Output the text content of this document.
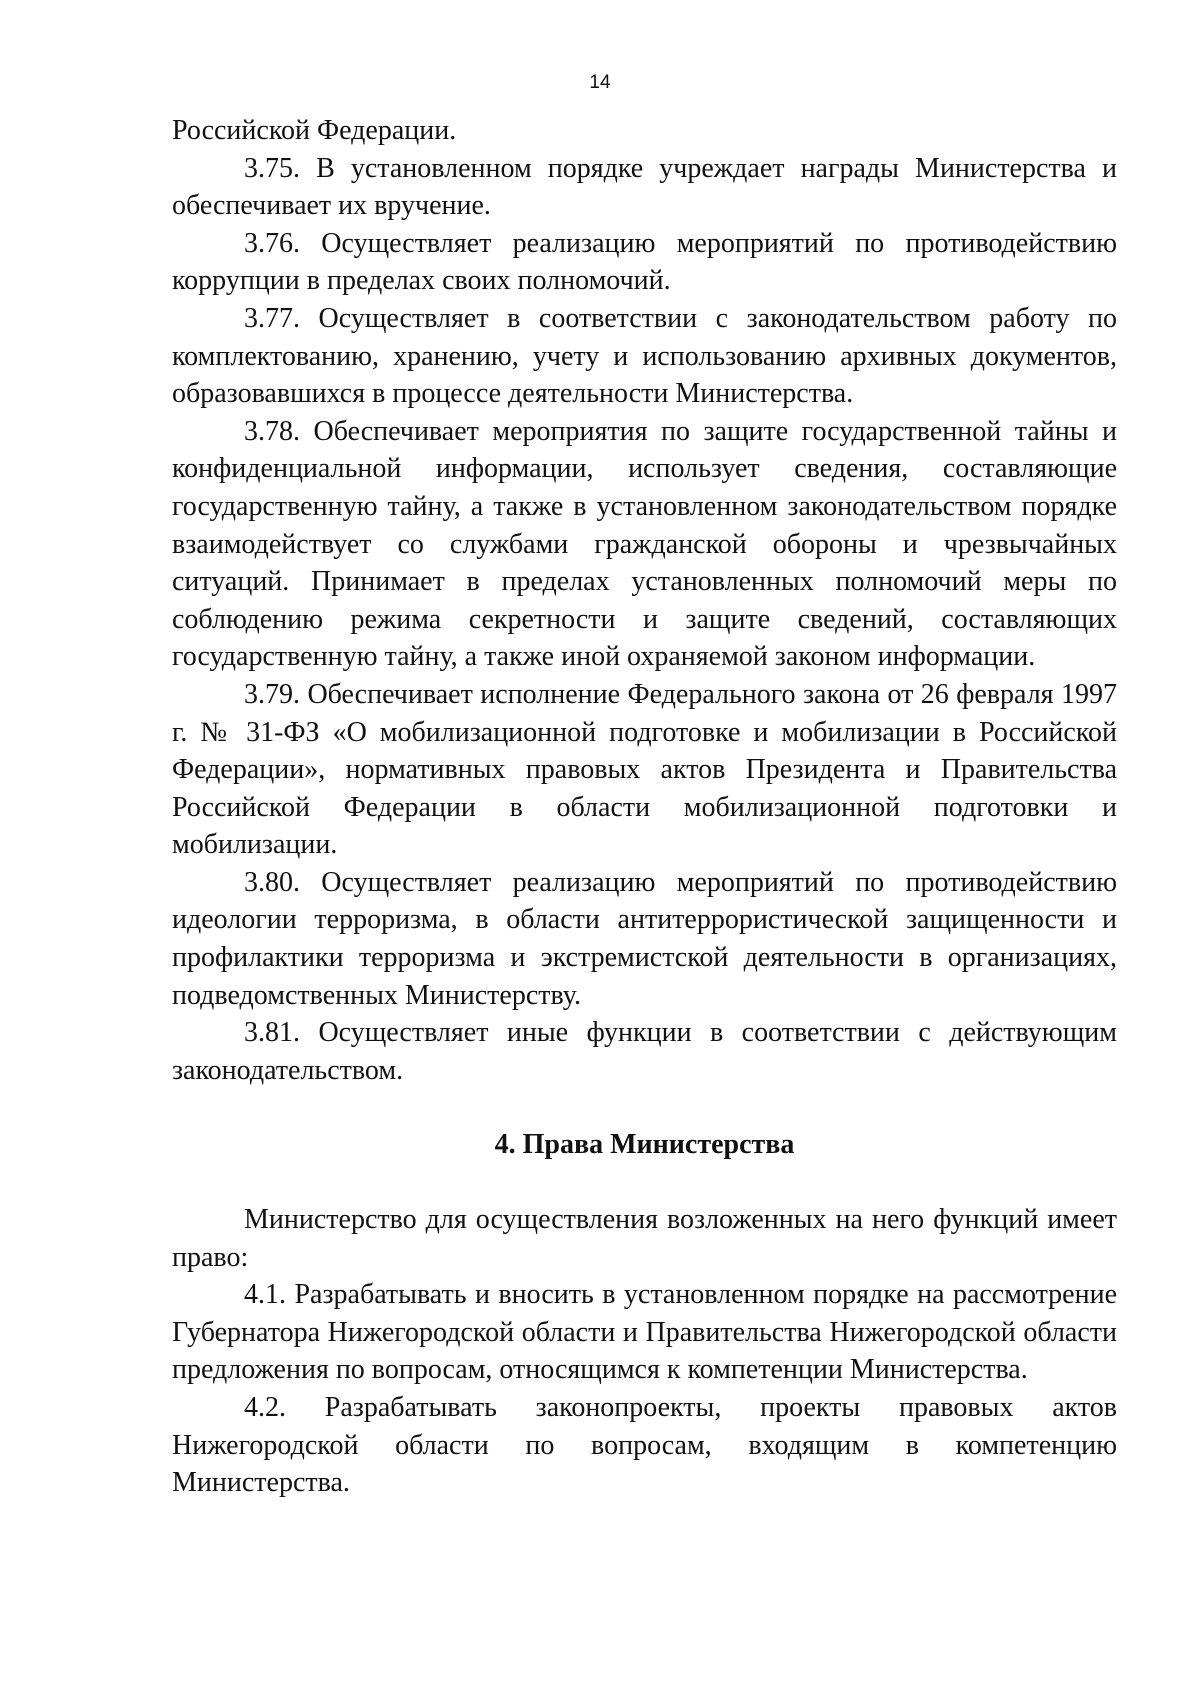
14

Российской Федерации.

3.75. В установленном порядке учреждает награды Министерства и обеспечивает их вручение.

3.76. Осуществляет реализацию мероприятий по противодействию коррупции в пределах своих полномочий.

3.77. Осуществляет в соответствии с законодательством работу по комплектованию, хранению, учету и использованию архивных документов, образовавшихся в процессе деятельности Министерства.

3.78. Обеспечивает мероприятия по защите государственной тайны и конфиденциальной информации, использует сведения, составляющие государственную тайну, а также в установленном законодательством порядке взаимодействует со службами гражданской обороны и чрезвычайных ситуаций. Принимает в пределах установленных полномочий меры по соблюдению режима секретности и защите сведений, составляющих государственную тайну, а также иной охраняемой законом информации.

3.79. Обеспечивает исполнение Федерального закона от 26 февраля 1997 г. № 31-ФЗ «О мобилизационной подготовке и мобилизации в Российской Федерации», нормативных правовых актов Президента и Правительства Российской Федерации в области мобилизационной подготовки и мобилизации.

3.80. Осуществляет реализацию мероприятий по противодействию идеологии терроризма, в области антитеррористической защищенности и профилактики терроризма и экстремистской деятельности в организациях, подведомственных Министерству.

3.81. Осуществляет иные функции в соответствии с действующим законодательством.

4. Права Министерства

Министерство для осуществления возложенных на него функций имеет право:

4.1. Разрабатывать и вносить в установленном порядке на рассмотрение Губернатора Нижегородской области и Правительства Нижегородской области предложения по вопросам, относящимся к компетенции Министерства.

4.2. Разрабатывать законопроекты, проекты правовых актов Нижегородской области по вопросам, входящим в компетенцию Министерства.
